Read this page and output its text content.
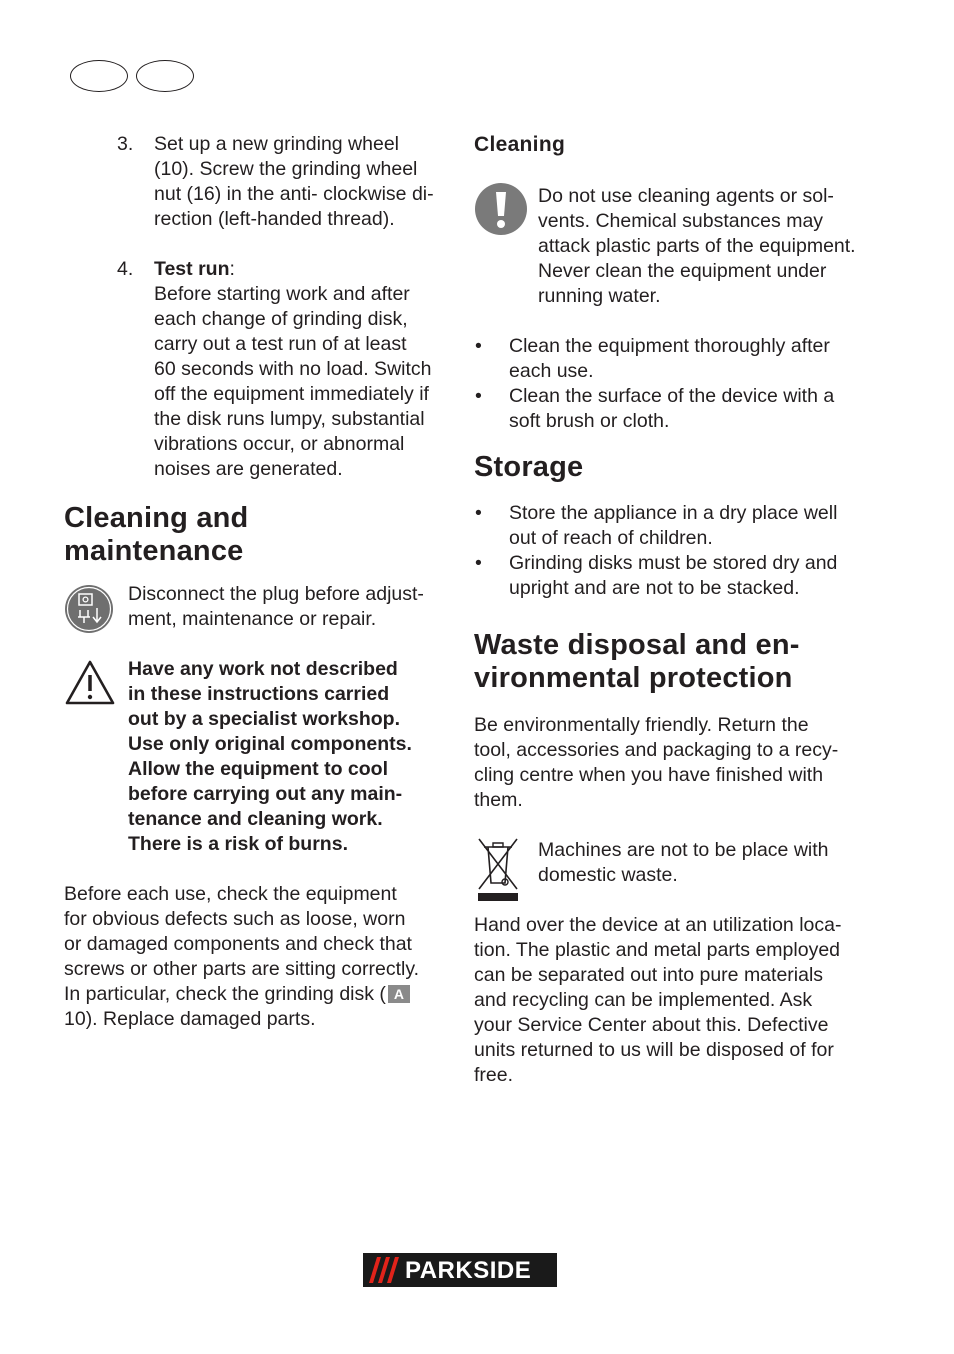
3. Set up a new grinding wheel

(10). Screw the grinding wheel

nut (16) in the anti- clockwise di-

rection (left-handed thread).

4. Test run:

Before starting work and after

each change of grinding disk,

carry out a test run of at least

60 seconds with no load. Switch

off the equipment immediately if

the disk runs lumpy, substantial

vibrations occur, or abnormal

noises are generated.

Cleaning and

maintenance

Disconnect the plug before adjust-

ment, maintenance or repair.

Have any work not described

in these instructions carried

out by a specialist workshop.

Use only original components.

Allow the equipment to cool

before carrying out any main-

tenance and cleaning work.

There is a risk of burns.

Before each use, check the equipment

for obvious defects such as loose, worn

or damaged components and check that

screws or other parts are sitting correctly.

In particular, check the grinding disk ( A

10). Replace damaged parts.

Cleaning

Do not use cleaning agents or sol-

vents. Chemical substances may

attack plastic parts of the equipment.

Never clean the equipment under

running water.

• Clean the equipment thoroughly after

each use.

• Clean the surface of the device with a

soft brush or cloth.

Storage

• Store the appliance in a dry place well

out of reach of children.

• Grinding disks must be stored dry and

upright and are not to be stacked.

Waste disposal and en-

vironmental protection

Be environmentally friendly. Return the

tool, accessories and packaging to a recy-

cling centre when you have finished with

them.

Machines are not to be place with

domestic waste.

Hand over the device at an utilization loca-

tion. The plastic and metal parts employed

can be separated out into pure materials

and recycling can be implemented. Ask

your Service Center about this. Defective

units returned to us will be disposed of for

free.

PARKSIDE
